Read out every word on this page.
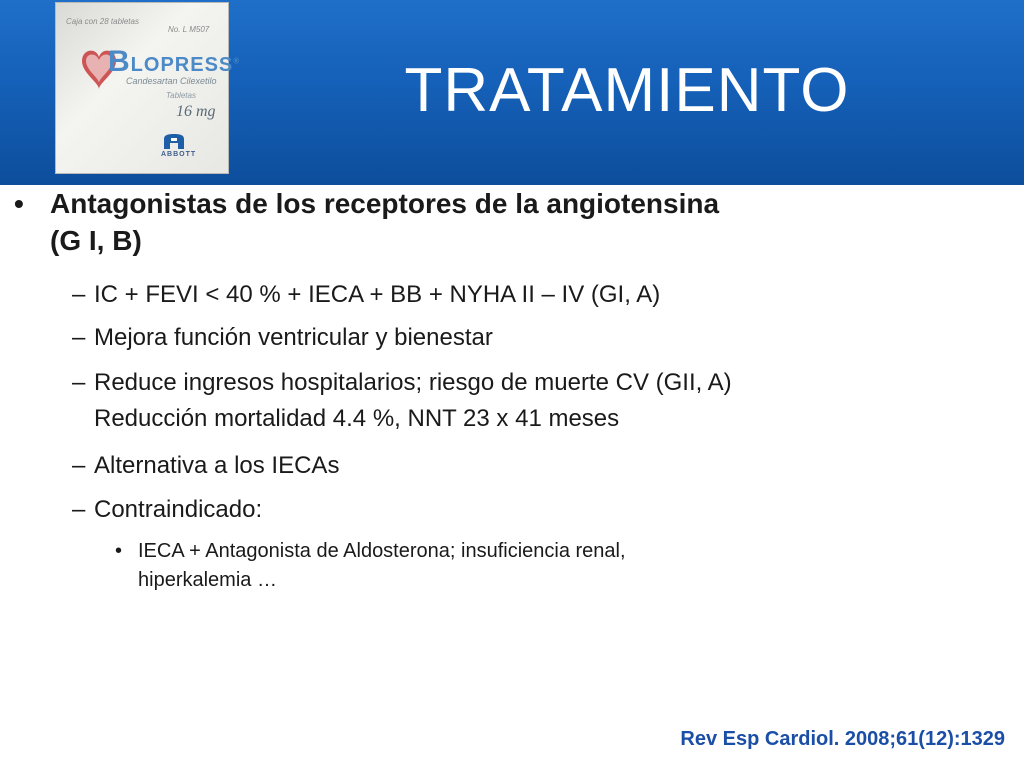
Caja con 28 tabletas
No. L M507
BLOPRESS®
Candesartan Cilexetilo
Tabletas
16 mg
ABBOTT
TRATAMIENTO
• Antagonistas de los receptores de la angiotensina
(G I, B)
– IC + FEVI < 40 % + IECA + BB + NYHA II – IV (GI, A)
– Mejora función ventricular y bienestar
– Reduce ingresos hospitalarios; riesgo de muerte CV (GII, A)
Reducción mortalidad 4.4 %, NNT 23 x 41 meses
– Alternativa a los IECAs
– Contraindicado:
• IECA + Antagonista de Aldosterona; insuficiencia renal,
hiperkalemia …
Rev Esp Cardiol. 2008;61(12):1329
